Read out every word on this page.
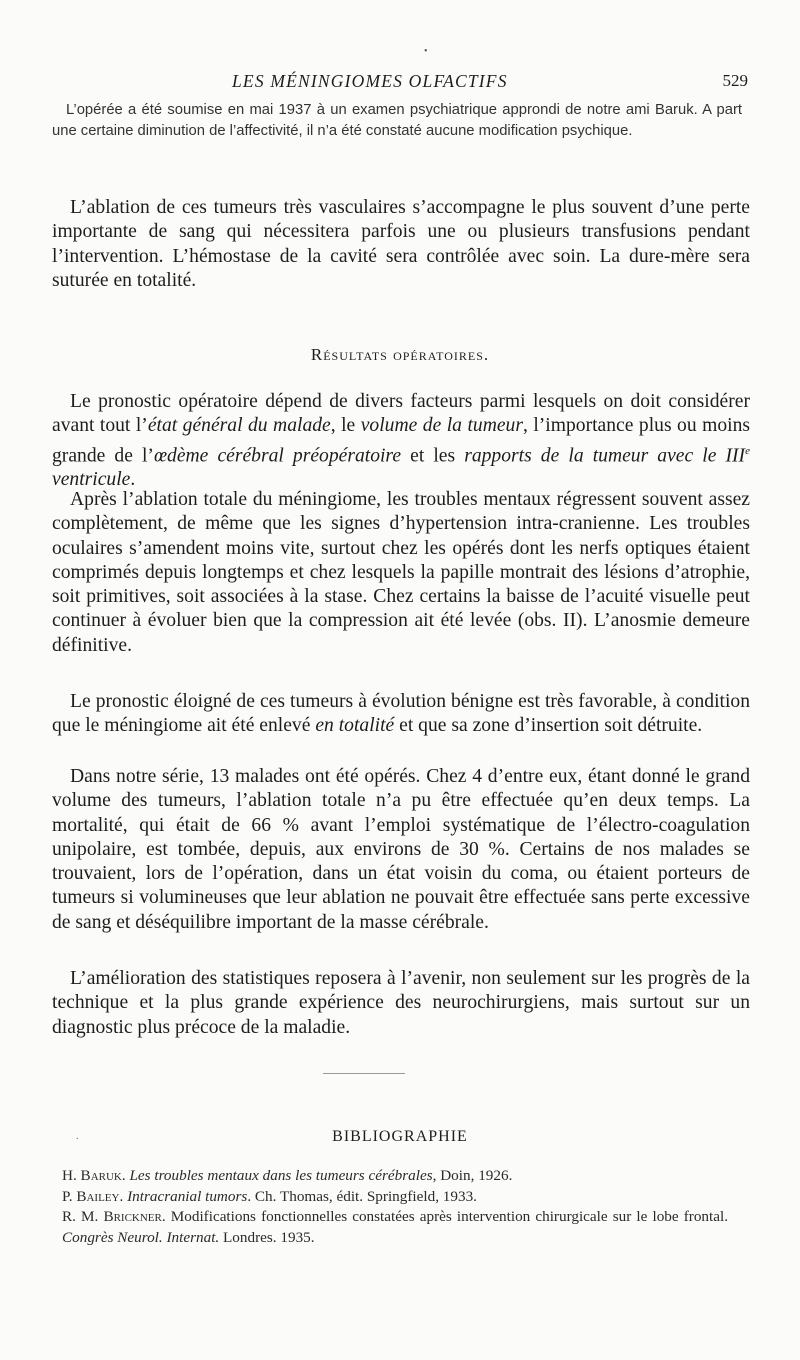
•
LES MÉNINGIOMES OLFACTIFS	529

L’opérée a été soumise en mai 1937 à un examen psychiatrique approndi de notre ami Baruk. A part une certaine diminution de l’affectivité, il n’a été constaté aucune modification psychique.

L’ablation de ces tumeurs très vasculaires s’accompagne le plus souvent d’une perte importante de sang qui nécessitera parfois une ou plusieurs transfusions pendant l’intervention. L’hémostase de la cavité sera contrôlée avec soin. La dure-mère sera suturée en totalité.

Résultats opératoires.

Le pronostic opératoire dépend de divers facteurs parmi lesquels on doit considérer avant tout l’état général du malade, le volume de la tumeur, l’importance plus ou moins grande de l’œdème cérébral préopératoire et les rapports de la tumeur avec le IIIe ventricule.

Après l’ablation totale du méningiome, les troubles mentaux régressent souvent assez complètement, de même que les signes d’hypertension intra-cranienne. Les troubles oculaires s’amendent moins vite, surtout chez les opérés dont les nerfs optiques étaient comprimés depuis longtemps et chez lesquels la papille montrait des lésions d’atrophie, soit primitives, soit associées à la stase. Chez certains la baisse de l’acuité visuelle peut continuer à évoluer bien que la compression ait été levée (obs. II). L’anosmie demeure définitive.

Le pronostic éloigné de ces tumeurs à évolution bénigne est très favorable, à condition que le méningiome ait été enlevé en totalité et que sa zone d’insertion soit détruite.

Dans notre série, 13 malades ont été opérés. Chez 4 d’entre eux, étant donné le grand volume des tumeurs, l’ablation totale n’a pu être effectuée qu’en deux temps. La mortalité, qui était de 66 % avant l’emploi systématique de l’électro-coagulation unipolaire, est tombée, depuis, aux environs de 30 %. Certains de nos malades se trouvaient, lors de l’opération, dans un état voisin du coma, ou étaient porteurs de tumeurs si volumineuses que leur ablation ne pouvait être effectuée sans perte excessive de sang et déséquilibre important de la masse cérébrale.

L’amélioration des statistiques reposera à l’avenir, non seulement sur les progrès de la technique et la plus grande expérience des neurochirurgiens, mais surtout sur un diagnostic plus précoce de la maladie.

.	BIBLIOGRAPHIE
H. Baruk. Les troubles mentaux dans les tumeurs cérébrales, Doin, 1926.
P. Bailey. Intracranial tumors. Ch. Thomas, édit. Springfield, 1933.
R. M. Brickner. Modifications fonctionnelles constatées après intervention chirurgicale sur le lobe frontal. Congrès Neurol. Internat. Londres. 1935.
